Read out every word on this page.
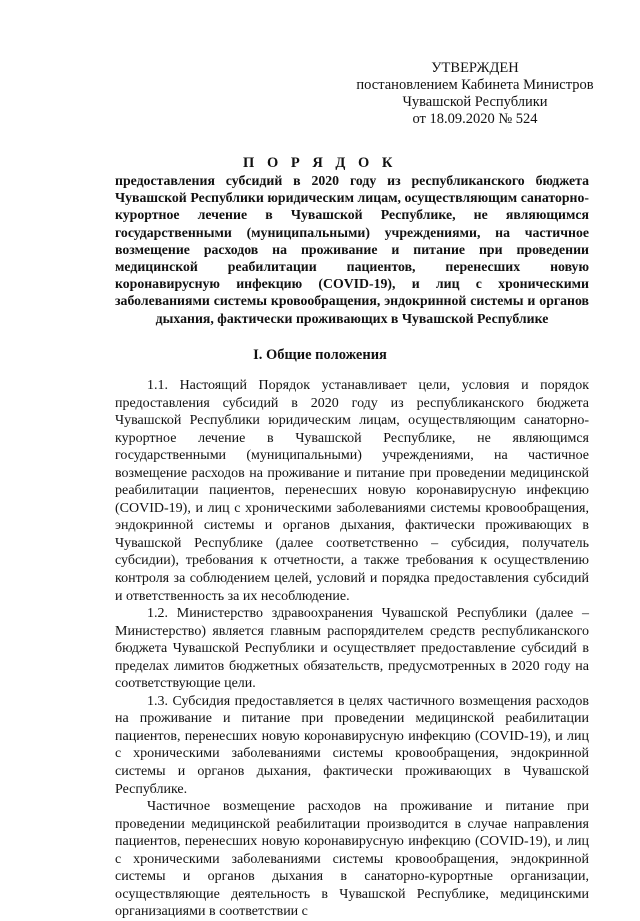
УТВЕРЖДЕН
постановлением Кабинета Министров
Чувашской Республики
от 18.09.2020 № 524
П О Р Я Д О К
предоставления субсидий в 2020 году из республиканского бюджета Чувашской Республики юридическим лицам, осуществляющим санаторно-курортное лечение в Чувашской Республике, не являющимся государственными (муниципальными) учреждениями, на частичное возмещение расходов на проживание и питание при проведении медицинской реабилитации пациентов, перенесших новую коронавирусную инфекцию (COVID-19), и лиц с хроническими заболеваниями системы кровообращения, эндокринной системы и органов дыхания, фактически проживающих в Чувашской Республике
I. Общие положения

1.1. Настоящий Порядок устанавливает цели, условия и порядок предоставления субсидий в 2020 году из республиканского бюджета Чувашской Республики юридическим лицам, осуществляющим санаторно-курортное лечение в Чувашской Республике, не являющимся государственными (муниципальными) учреждениями, на частичное возмещение расходов на проживание и питание при проведении медицинской реабилитации пациентов, перенесших новую коронавирусную инфекцию (COVID-19), и лиц с хроническими заболеваниями системы кровообращения, эндокринной системы и органов дыхания, фактически проживающих в Чувашской Республике (далее соответственно – субсидия, получатель субсидии), требования к отчетности, а также требования к осуществлению контроля за соблюдением целей, условий и порядка предоставления субсидий и ответственность за их несоблюдение.

1.2. Министерство здравоохранения Чувашской Республики (далее – Министерство) является главным распорядителем средств республиканского бюджета Чувашской Республики и осуществляет предоставление субсидий в пределах лимитов бюджетных обязательств, предусмотренных в 2020 году на соответствующие цели.

1.3. Субсидия предоставляется в целях частичного возмещения расходов на проживание и питание при проведении медицинской реабилитации пациентов, перенесших новую коронавирусную инфекцию (COVID-19), и лиц с хроническими заболеваниями системы кровообращения, эндокринной системы и органов дыхания, фактически проживающих в Чувашской Республике.

Частичное возмещение расходов на проживание и питание при проведении медицинской реабилитации производится в случае направления пациентов, перенесших новую коронавирусную инфекцию (COVID-19), и лиц с хроническими заболеваниями системы кровообращения, эндокринной системы и органов дыхания в санаторно-курортные организации, осуществляющие деятельность в Чувашской Республике, медицинскими организациями в соответствии с
